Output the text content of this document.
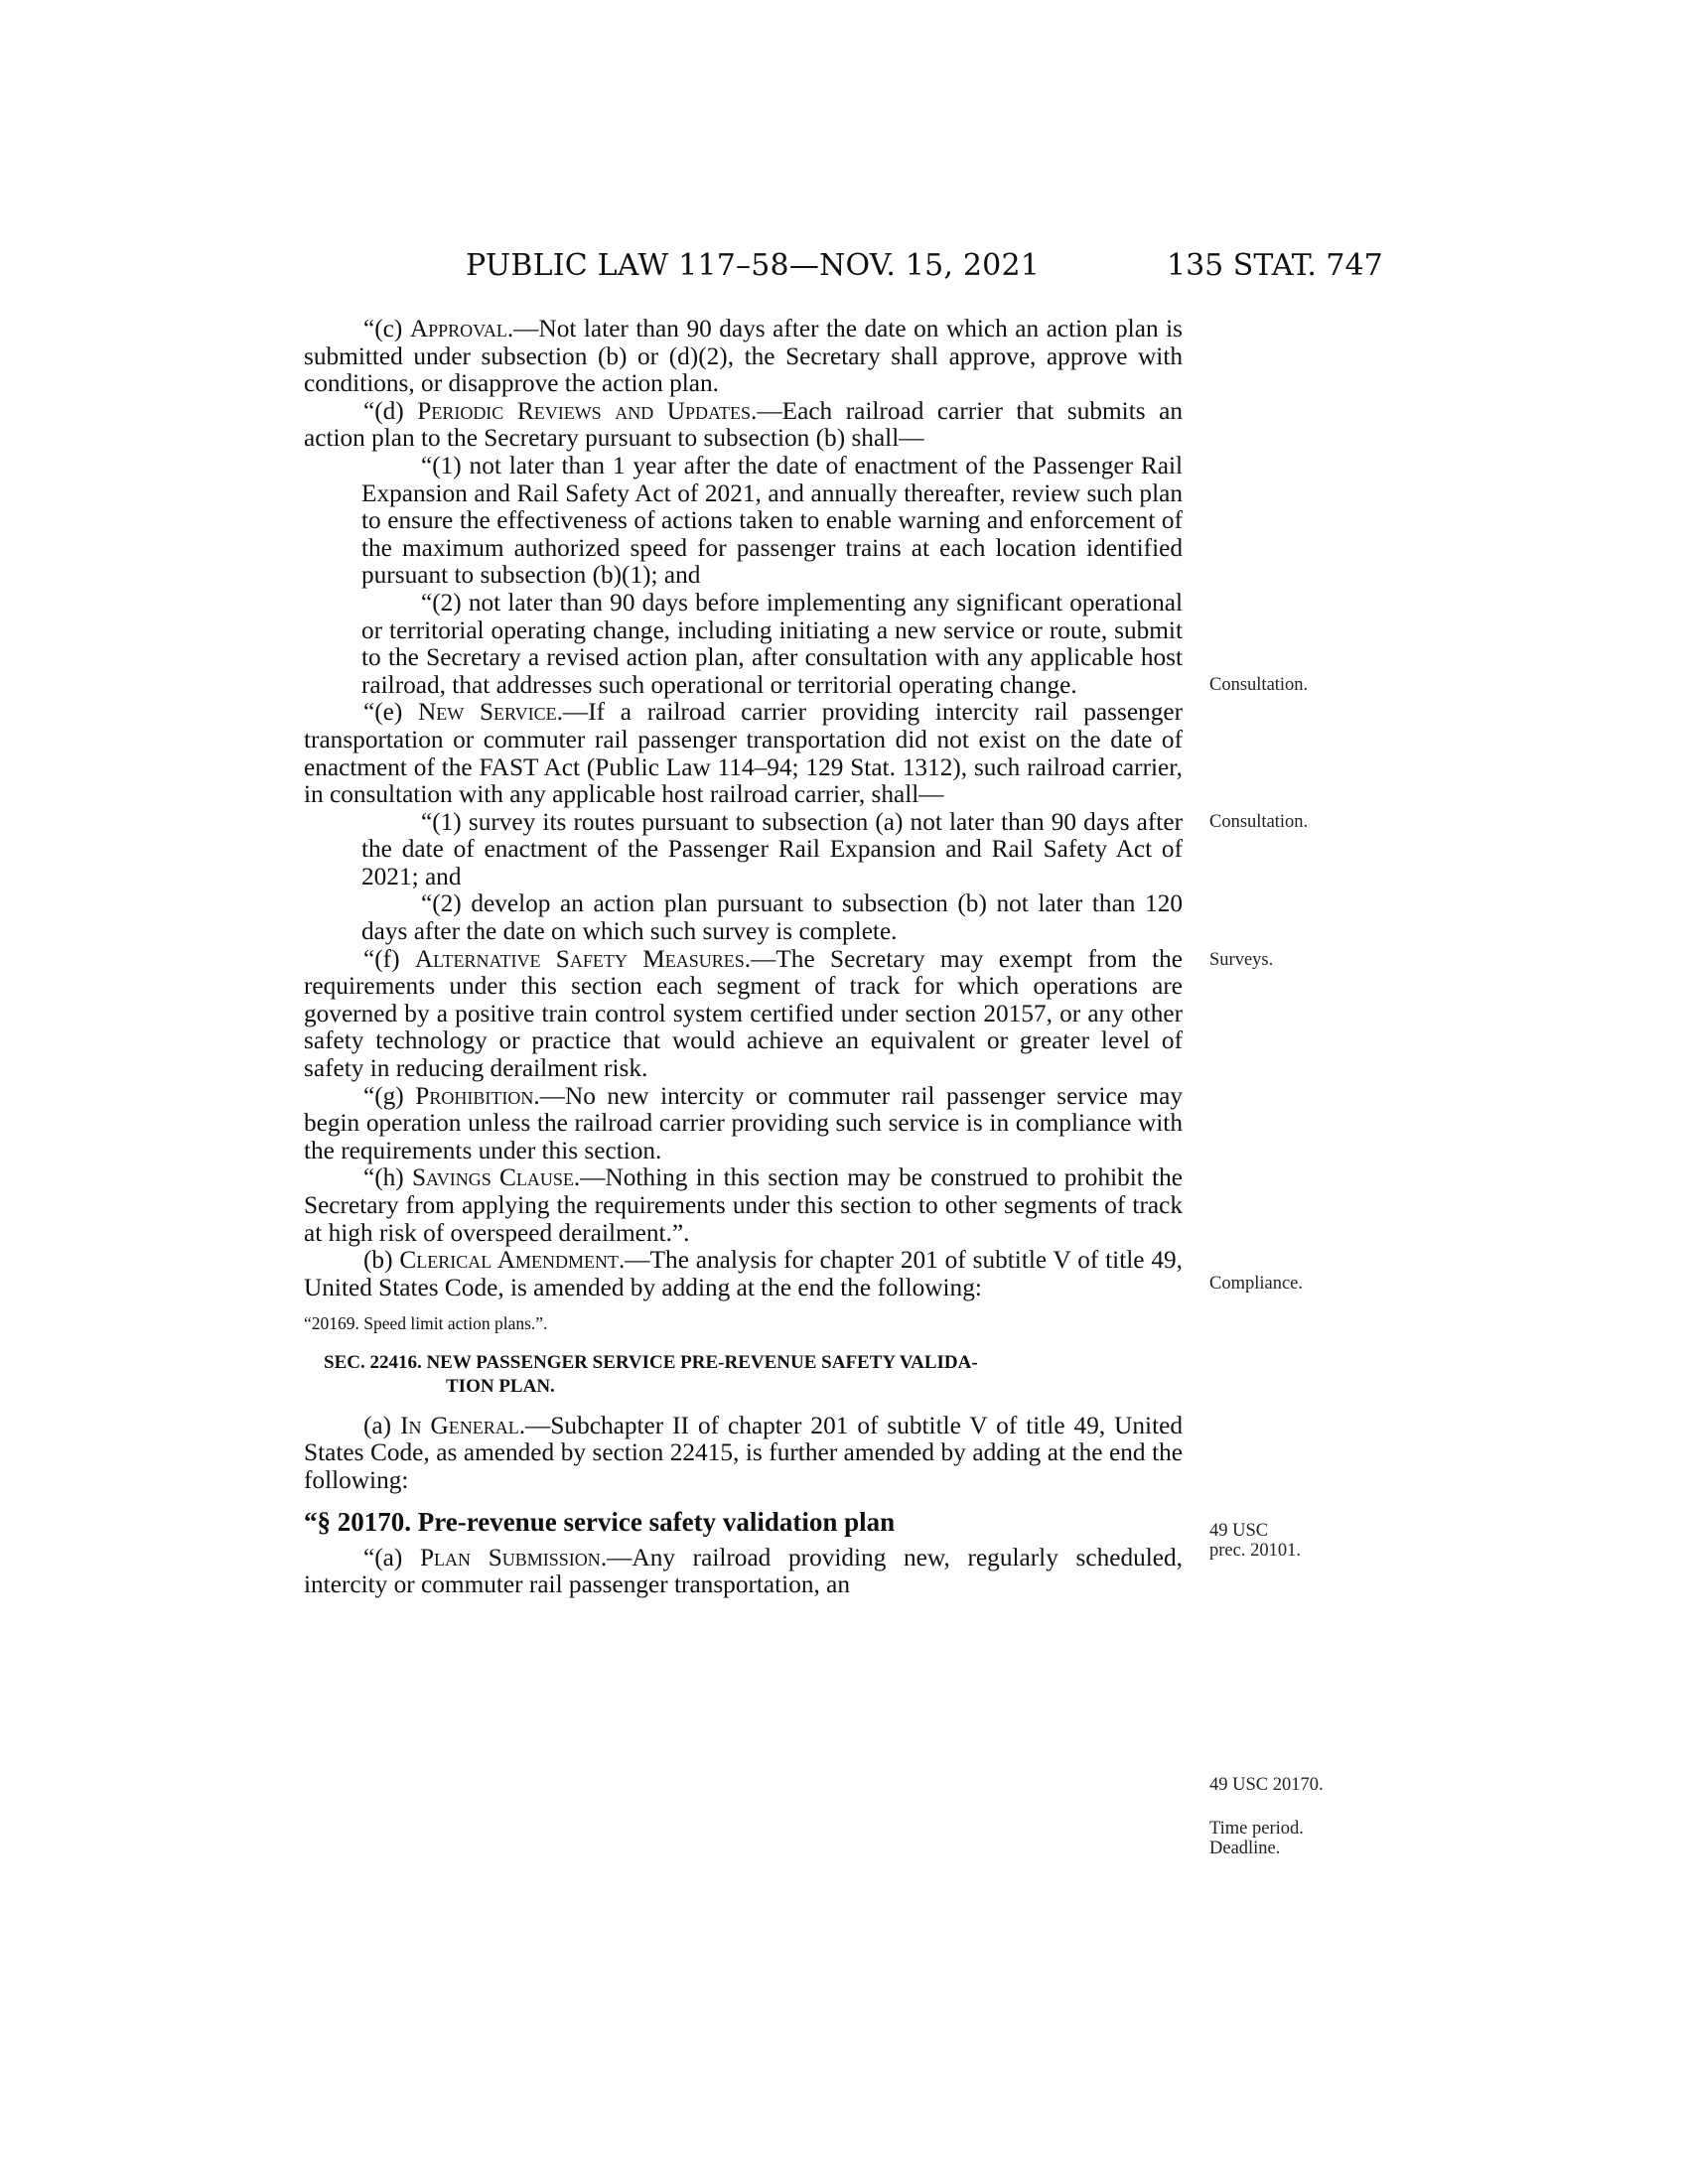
PUBLIC LAW 117–58—NOV. 15, 2021	135 STAT. 747

“(c) Approval.—Not later than 90 days after the date on which an action plan is submitted under subsection (b) or (d)(2), the Secretary shall approve, approve with conditions, or disapprove the action plan.

“(d) Periodic Reviews and Updates.—Each railroad carrier that submits an action plan to the Secretary pursuant to subsection (b) shall—

“(1) not later than 1 year after the date of enactment of the Passenger Rail Expansion and Rail Safety Act of 2021, and annually thereafter, review such plan to ensure the effectiveness of actions taken to enable warning and enforcement of the maximum authorized speed for passenger trains at each location identified pursuant to subsection (b)(1); and

“(2) not later than 90 days before implementing any significant operational or territorial operating change, including initiating a new service or route, submit to the Secretary a revised action plan, after consultation with any applicable host railroad, that addresses such operational or territorial operating change.

“(e) New Service.—If a railroad carrier providing intercity rail passenger transportation or commuter rail passenger transportation did not exist on the date of enactment of the FAST Act (Public Law 114–94; 129 Stat. 1312), such railroad carrier, in consultation with any applicable host railroad carrier, shall—

“(1) survey its routes pursuant to subsection (a) not later than 90 days after the date of enactment of the Passenger Rail Expansion and Rail Safety Act of 2021; and

“(2) develop an action plan pursuant to subsection (b) not later than 120 days after the date on which such survey is complete.

“(f) Alternative Safety Measures.—The Secretary may exempt from the requirements under this section each segment of track for which operations are governed by a positive train control system certified under section 20157, or any other safety technology or practice that would achieve an equivalent or greater level of safety in reducing derailment risk.

“(g) Prohibition.—No new intercity or commuter rail passenger service may begin operation unless the railroad carrier providing such service is in compliance with the requirements under this section.

“(h) Savings Clause.—Nothing in this section may be construed to prohibit the Secretary from applying the requirements under this section to other segments of track at high risk of overspeed derailment.”.

(b) Clerical Amendment.—The analysis for chapter 201 of subtitle V of title 49, United States Code, is amended by adding at the end the following:

“20169. Speed limit action plans.”.

SEC. 22416. NEW PASSENGER SERVICE PRE-REVENUE SAFETY VALIDA-
TION PLAN.

(a) In General.—Subchapter II of chapter 201 of subtitle V of title 49, United States Code, as amended by section 22415, is further amended by adding at the end the following:

“§ 20170. Pre-revenue service safety validation plan

“(a) Plan Submission.—Any railroad providing new, regularly scheduled, intercity or commuter rail passenger transportation, an

Consultation.
Consultation.
Surveys.
Compliance.
49 USC
prec. 20101.
49 USC 20170.
Time period.
Deadline.
